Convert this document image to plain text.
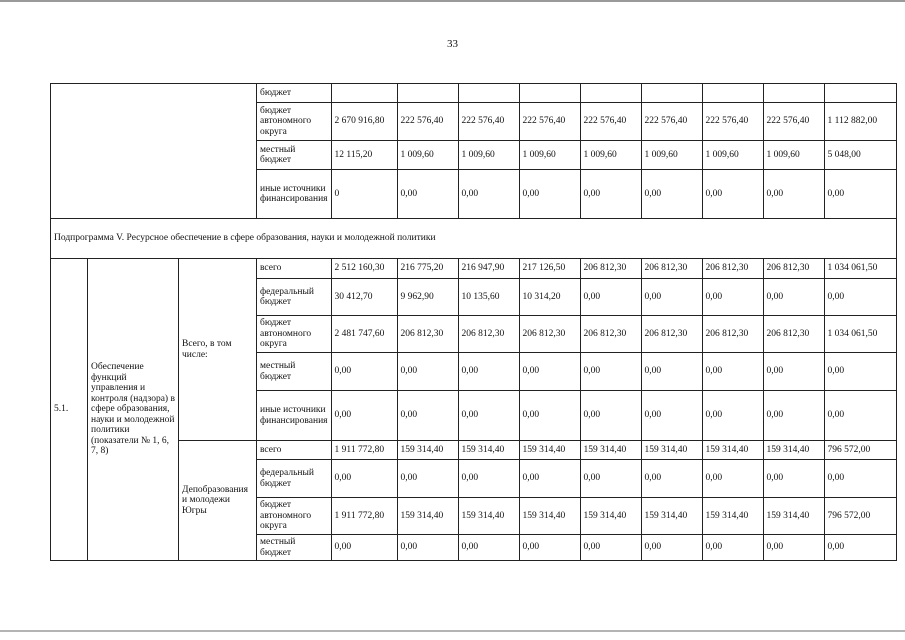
33
			бюджет									
			бюджет автономного округа	2 670 916,80	222 576,40	222 576,40	222 576,40	222 576,40	222 576,40	222 576,40	222 576,40	1 112 882,00
			местный бюджет	12 115,20	1 009,60	1 009,60	1 009,60	1 009,60	1 009,60	1 009,60	1 009,60	5 048,00
			иные источники финансирования	0	0,00	0,00	0,00	0,00	0,00	0,00	0,00	0,00
Подпрограмма V. Ресурсное обеспечение в сфере образования, науки и молодежной политики												
5.1.	Обеспечение функций управления и контроля (надзора) в сфере образования, науки и молодежной политики (показатели № 1, 6, 7, 8)	Всего, в том числе:	всего	2 512 160,30	216 775,20	216 947,90	217 126,50	206 812,30	206 812,30	206 812,30	206 812,30	1 034 061,50
			федеральный бюджет	30 412,70	9 962,90	10 135,60	10 314,20	0,00	0,00	0,00	0,00	0,00
			бюджет автономного округа	2 481 747,60	206 812,30	206 812,30	206 812,30	206 812,30	206 812,30	206 812,30	206 812,30	1 034 061,50
			местный бюджет	0,00	0,00	0,00	0,00	0,00	0,00	0,00	0,00	0,00
			иные источники финансирования	0,00	0,00	0,00	0,00	0,00	0,00	0,00	0,00	0,00
		Депобразования и молодежи Югры	всего	1 911 772,80	159 314,40	159 314,40	159 314,40	159 314,40	159 314,40	159 314,40	159 314,40	796 572,00
			федеральный бюджет	0,00	0,00	0,00	0,00	0,00	0,00	0,00	0,00	0,00
			бюджет автономного округа	1 911 772,80	159 314,40	159 314,40	159 314,40	159 314,40	159 314,40	159 314,40	159 314,40	796 572,00
			местный бюджет	0,00	0,00	0,00	0,00	0,00	0,00	0,00	0,00	0,00
